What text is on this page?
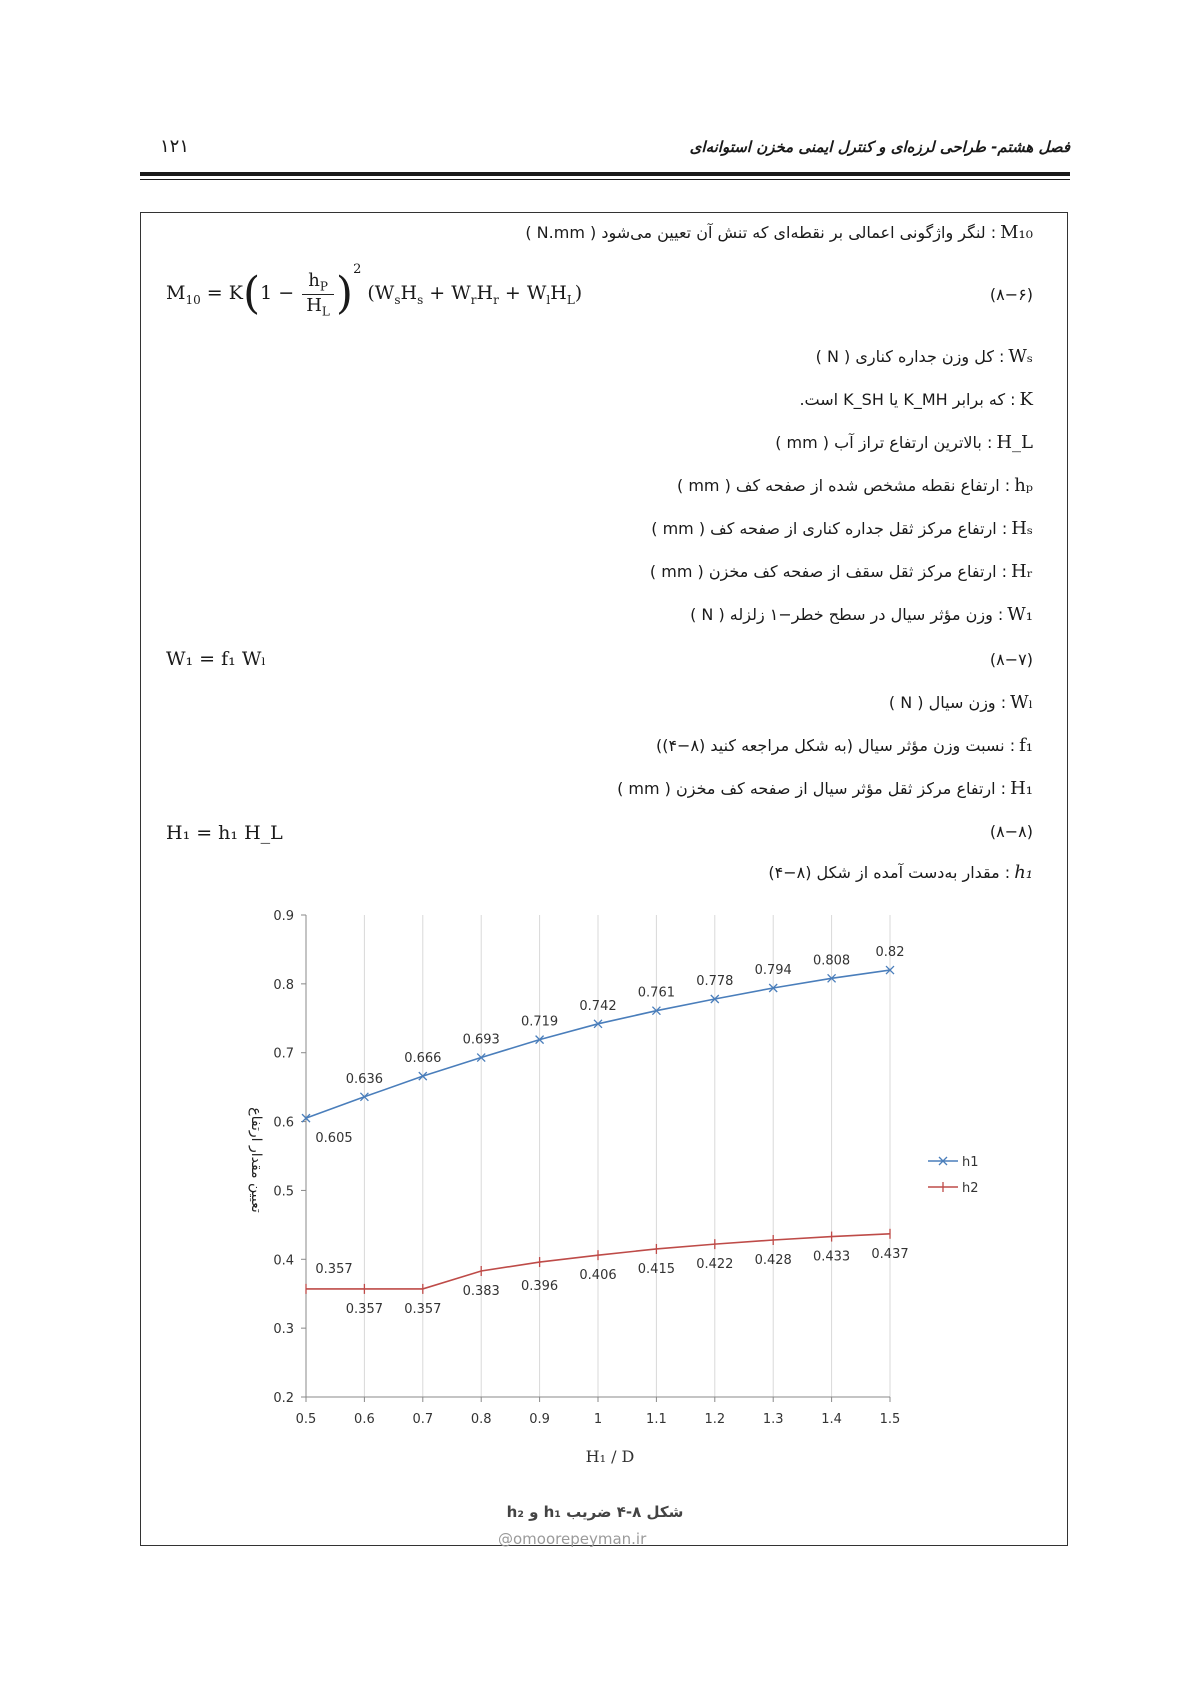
۱۲۱	فصل هشتم- طراحی لرزه‌ای و کنترل ایمنی مخزن استوانه‌ای
M₁₀: لنگر واژگونی اعمالی بر نقطه‌ای که تنش آن تعیین می‌شود ( N.mm )
(۸−۶)
$M_{10} = K(1 - \frac{h_P}{H_L} )^2$ $(W_sH_s + W_rH_r + W_lH_L)$
Wₛ: کل وزن جداره کناری ( N )
K: که برابر K_MH یا K_SH است.
H_L: بالاترین ارتفاع تراز آب ( mm )
hₚ: ارتفاع نقطه مشخص شده از صفحه کف ( mm )
Hₛ: ارتفاع مرکز ثقل جداره کناری از صفحه کف ( mm )
Hᵣ: ارتفاع مرکز ثقل سقف از صفحه کف مخزن ( mm )
W₁: وزن مؤثر سیال در سطح خطر−۱ زلزله ( N )
(۸−۷)
W₁ = f₁ Wₗ
Wₗ: وزن سیال ( N )
f₁: نسبت وزن مؤثر سیال (به شکل مراجعه کنید (۸−۴))
H₁: ارتفاع مرکز ثقل مؤثر سیال از صفحه کف مخزن ( mm )
(۸−۸)
H₁ = h₁ H_L
h₁: مقدار به‌دست آمده از شکل (۸−۴)
0.5	0.6	0.7	0.8	0.9	1	1.1	1.2	1.3	1.4	1.5
0.2
0.3
0.4
0.5
0.6
0.7
0.8
0.9
0.605
0.636
0.666
0.693
0.719
0.742
0.761
0.778
0.794
0.808
0.82
0.357
0.357 0.357
0.383 0.396
0.406 0.415 0.422 0.428 0.433 0.437
H₁ / D
تعیین مقدار ارتفاع	h1
h2
@omoorepeyman.ir
شکل ۸-۴ ضریب h₁ و h₂
